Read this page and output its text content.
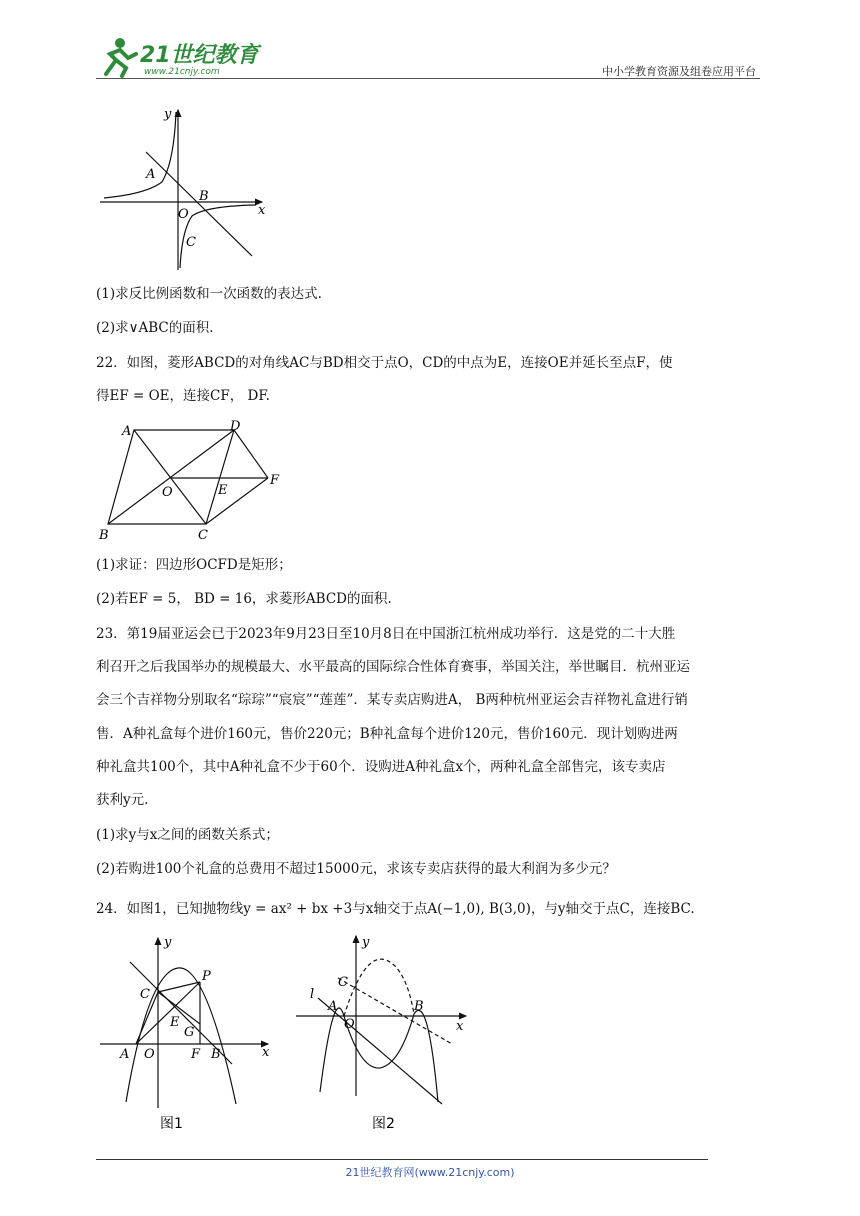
21世纪教育
www.21cnjy.com	中小学教育资源及组卷应用平台
y
x
A
B
O
C
(1)求反比例函数和一次函数的表达式.
(2)求∨ABC的面积.
22．如图，菱形ABCD的对角线AC与BD相交于点O，CD的中点为E，连接OE并延长至点F，使
得EF = OE，连接CF， DF.
A	D
O	E
F
B	C
(1)求证：四边形OCFD是矩形；
(2)若EF = 5， BD = 16，求菱形ABCD的面积.
23．第19届亚运会已于2023年9月23日至10月8日在中国浙江杭州成功举行．这是党的二十大胜
利召开之后我国举办的规模最大、水平最高的国际综合性体育赛事，举国关注，举世瞩目．杭州亚运
会三个吉祥物分别取名“琮琮”“宸宸”“莲莲”．某专卖店购进A， B两种杭州亚运会吉祥物礼盒进行销
售．A种礼盒每个进价160元，售价220元；B种礼盒每个进价120元，售价160元．现计划购进两
种礼盒共100个，其中A种礼盒不少于60个．设购进A种礼盒x个，两种礼盒全部售完，该专卖店
获利y元.
(1)求y与x之间的函数关系式；
(2)若购进100个礼盒的总费用不超过15000元，求该专卖店获得的最大利润为多少元？
24．如图1，已知抛物线y = ax² + bx +3与x轴交于点A(−1,0), B(3,0)，与y轴交于点C，连接BC.
y
x
C
P
E
G
A O	F B
图1
y
x
C
l
A	B
O
图2
21世纪教育网(www.21cnjy.com)
